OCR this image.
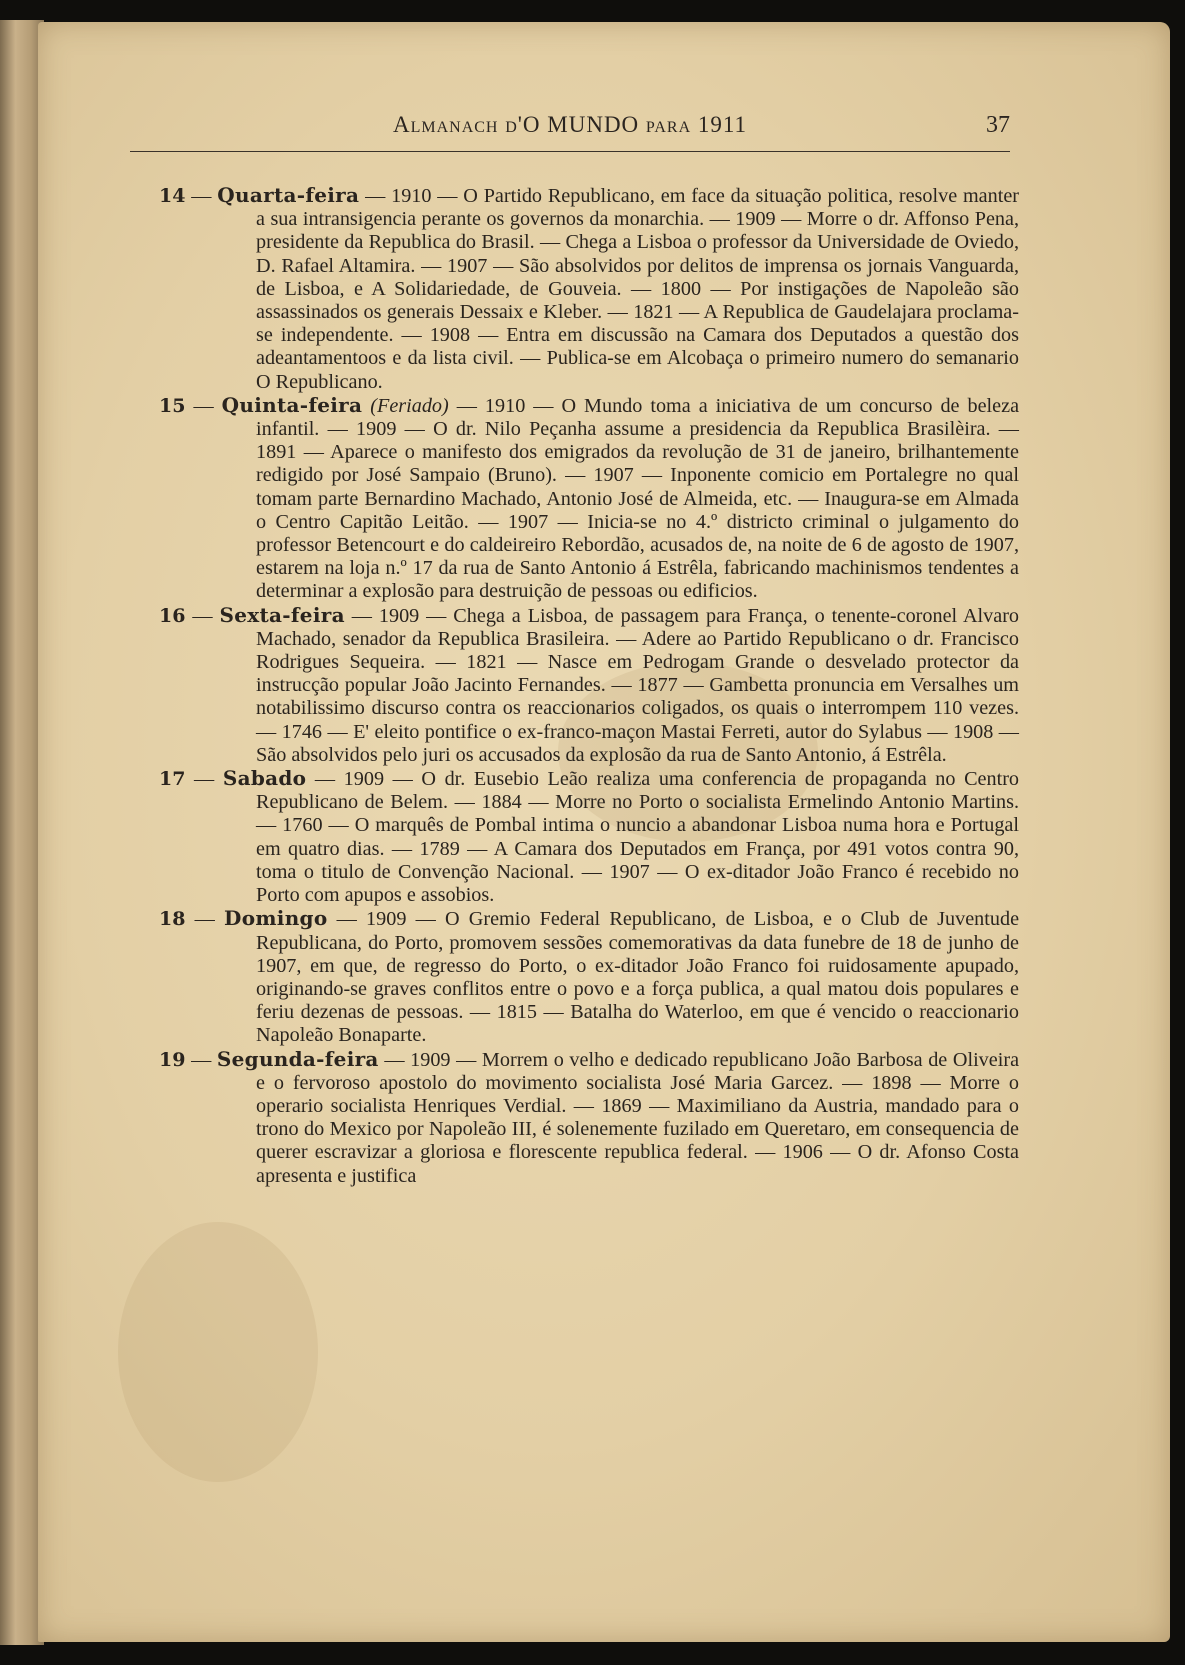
Almanach d'O MUNDO para 1911	37

14 — Quarta-feira — 1910 — O Partido Republicano, em face da situação politica, resolve manter a sua intransigencia perante os governos da monarchia. — 1909 — Morre o dr. Affonso Pena, presidente da Republica do Brasil. — Chega a Lisboa o professor da Universidade de Oviedo, D. Rafael Altamira. — 1907 — São absolvidos por delitos de imprensa os jornais Vanguarda, de Lisboa, e A Solidariedade, de Gouveia. — 1800 — Por instigações de Napoleão são assassinados os generais Dessaix e Kleber. — 1821 — A Republica de Gaudelajara proclama-se independente. — 1908 — Entra em discussão na Camara dos Deputados a questão dos adeantamentoos e da lista civil. — Publica-se em Alcobaça o primeiro numero do semanario O Republicano.

15 — Quinta-feira (Feriado) — 1910 — O Mundo toma a iniciativa de um concurso de beleza infantil. — 1909 — O dr. Nilo Peçanha assume a presidencia da Republica Brasilèira. — 1891 — Aparece o manifesto dos emigrados da revolução de 31 de janeiro, brilhantemente redigido por José Sampaio (Bruno). — 1907 — Inponente comicio em Portalegre no qual tomam parte Bernardino Machado, Antonio José de Almeida, etc. — Inaugura-se em Almada o Centro Capitão Leitão. — 1907 — Inicia-se no 4.º districto criminal o julgamento do professor Betencourt e do caldeireiro Rebordão, acusados de, na noite de 6 de agosto de 1907, estarem na loja n.º 17 da rua de Santo Antonio á Estrêla, fabricando machinismos tendentes a determinar a explosão para destruição de pessoas ou edificios.

16 — Sexta-feira — 1909 — Chega a Lisboa, de passagem para França, o tenente-coronel Alvaro Machado, senador da Republica Brasileira. — Adere ao Partido Republicano o dr. Francisco Rodrigues Sequeira. — 1821 — Nasce em Pedrogam Grande o desvelado protector da instrucção popular João Jacinto Fernandes. — 1877 — Gambetta pronuncia em Versalhes um notabilissimo discurso contra os reaccionarios coligados, os quais o interrompem 110 vezes. — 1746 — E' eleito pontifice o ex-franco-maçon Mastai Ferreti, autor do Sylabus — 1908 — São absolvidos pelo juri os accusados da explosão da rua de Santo Antonio, á Estrêla.

17 — Sabado — 1909 — O dr. Eusebio Leão realiza uma conferencia de propaganda no Centro Republicano de Belem. — 1884 — Morre no Porto o socialista Ermelindo Antonio Martins. — 1760 — O marquês de Pombal intima o nuncio a abandonar Lisboa numa hora e Portugal em quatro dias. — 1789 — A Camara dos Deputados em França, por 491 votos contra 90, toma o titulo de Convenção Nacional. — 1907 — O ex-ditador João Franco é recebido no Porto com apupos e assobios.

18 — Domingo — 1909 — O Gremio Federal Republicano, de Lisboa, e o Club de Juventude Republicana, do Porto, promovem sessões comemorativas da data funebre de 18 de junho de 1907, em que, de regresso do Porto, o ex-ditador João Franco foi ruidosamente apupado, originando-se graves conflitos entre o povo e a força publica, a qual matou dois populares e feriu dezenas de pessoas. — 1815 — Batalha do Waterloo, em que é vencido o reaccionario Napoleão Bonaparte.

19 — Segunda-feira — 1909 — Morrem o velho e dedicado republicano João Barbosa de Oliveira e o fervoroso apostolo do movimento socialista José Maria Garcez. — 1898 — Morre o operario socialista Henriques Verdial. — 1869 — Maximiliano da Austria, mandado para o trono do Mexico por Napoleão III, é solenemente fuzilado em Queretaro, em consequencia de querer escravizar a gloriosa e florescente republica federal. — 1906 — O dr. Afonso Costa apresenta e justifica
